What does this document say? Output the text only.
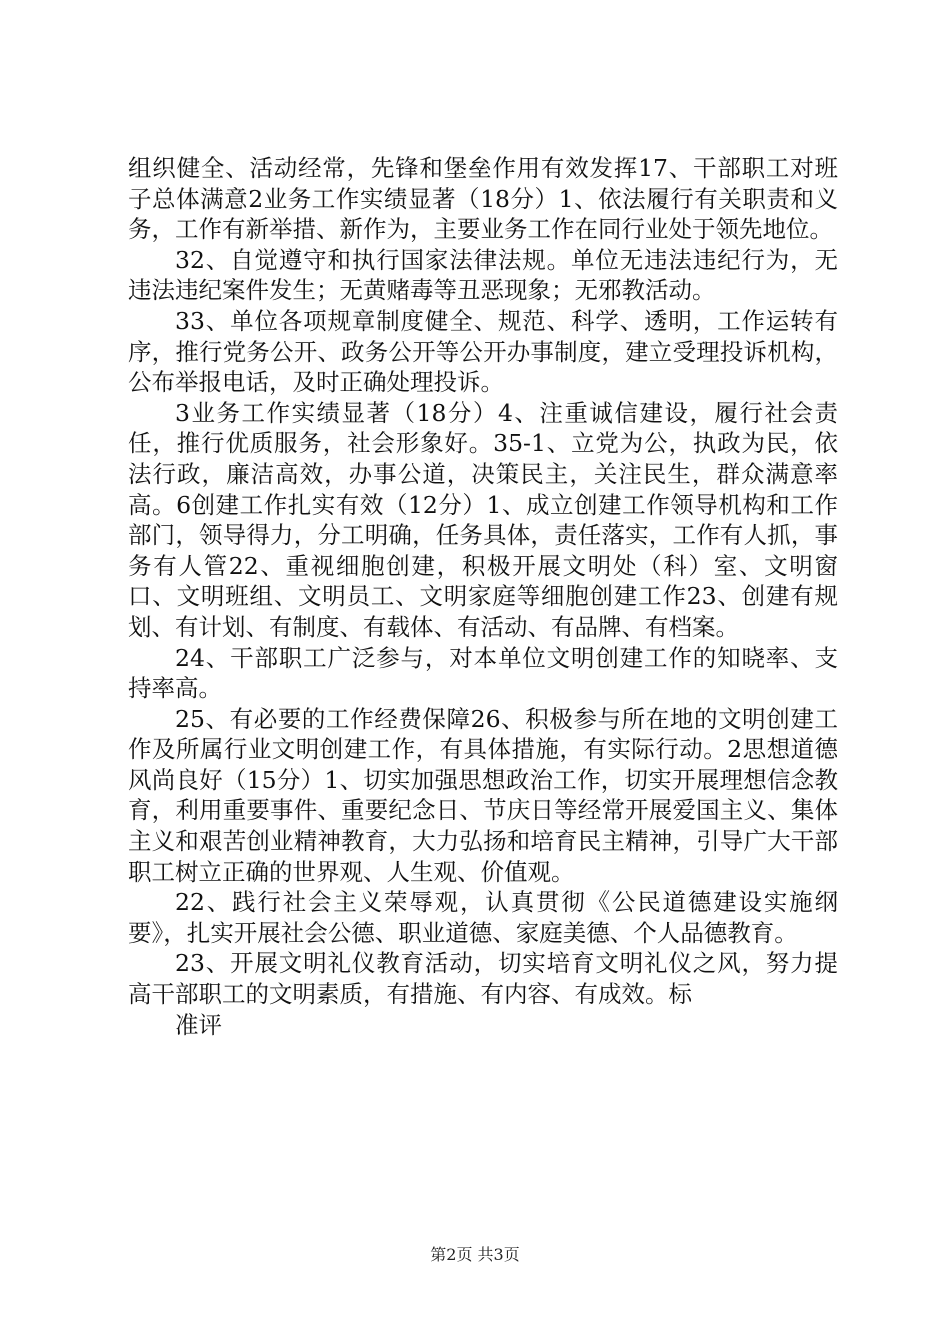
组织健全、活动经常，先锋和堡垒作用有效发挥17、干部职工对班子总体满意2业务工作实绩显著（18分）1、依法履行有关职责和义务，工作有新举措、新作为，主要业务工作在同行业处于领先地位。

32、自觉遵守和执行国家法律法规。单位无违法违纪行为，无违法违纪案件发生；无黄赌毒等丑恶现象；无邪教活动。

33、单位各项规章制度健全、规范、科学、透明，工作运转有序，推行党务公开、政务公开等公开办事制度，建立受理投诉机构，公布举报电话，及时正确处理投诉。

3业务工作实绩显著（18分）4、注重诚信建设，履行社会责任，推行优质服务，社会形象好。35-1、立党为公，执政为民，依法行政，廉洁高效，办事公道，决策民主，关注民生，群众满意率高。6创建工作扎实有效（12分）1、成立创建工作领导机构和工作部门，领导得力，分工明确，任务具体，责任落实，工作有人抓，事务有人管22、重视细胞创建，积极开展文明处（科）室、文明窗口、文明班组、文明员工、文明家庭等细胞创建工作23、创建有规划、有计划、有制度、有载体、有活动、有品牌、有档案。

24、干部职工广泛参与，对本单位文明创建工作的知晓率、支持率高。

25、有必要的工作经费保障26、积极参与所在地的文明创建工作及所属行业文明创建工作，有具体措施，有实际行动。2思想道德风尚良好（15分）1、切实加强思想政治工作，切实开展理想信念教育，利用重要事件、重要纪念日、节庆日等经常开展爱国主义、集体主义和艰苦创业精神教育，大力弘扬和培育民主精神，引导广大干部职工树立正确的世界观、人生观、价值观。

22、践行社会主义荣辱观，认真贯彻《公民道德建设实施纲要》，扎实开展社会公德、职业道德、家庭美德、个人品德教育。

23、开展文明礼仪教育活动，切实培育文明礼仪之风，努力提高干部职工的文明素质，有措施、有内容、有成效。标

准评

第2页 共3页
